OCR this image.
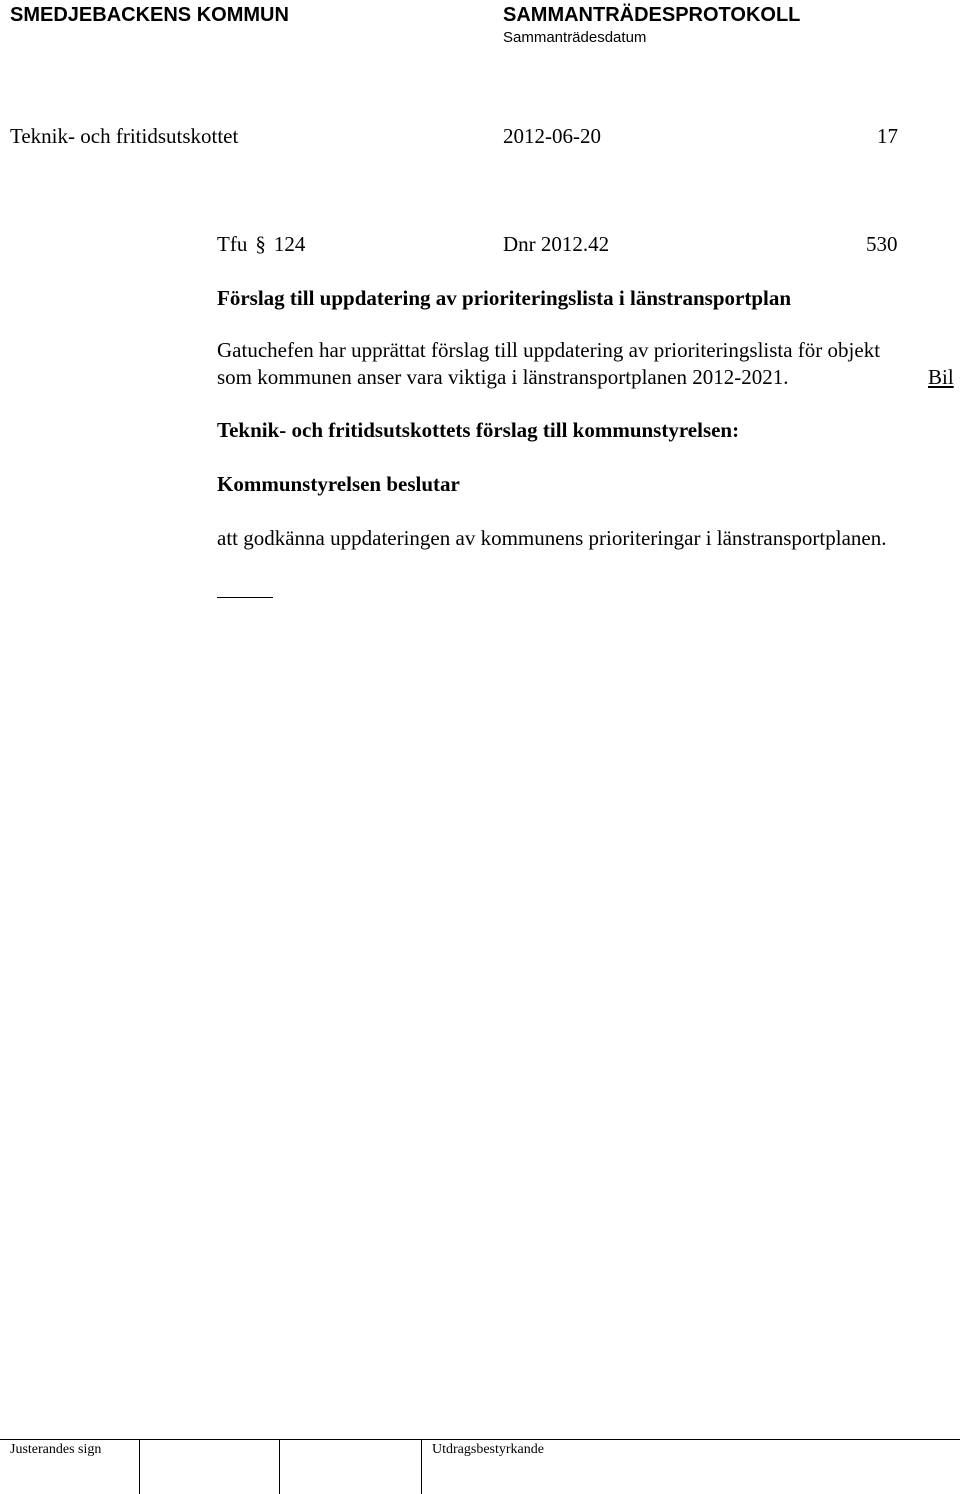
SMEDJEBACKENS KOMMUN	SAMMANTRÄDESPROTOKOLL
Sammanträdesdatum
Teknik- och fritidsutskottet	2012-06-20	17
Tfu § 124	Dnr 2012.42	530
Förslag till uppdatering av prioriteringslista i länstransportplan
Gatuchefen har upprättat förslag till uppdatering av prioriteringslista för objekt
som kommunen anser vara viktiga i länstransportplanen 2012-2021.	Bil
Teknik- och fritidsutskottets förslag till kommunstyrelsen:
Kommunstyrelsen beslutar
att godkänna uppdateringen av kommunens prioriteringar i länstransportplanen.
Justerandes sign	Utdragsbestyrkande
